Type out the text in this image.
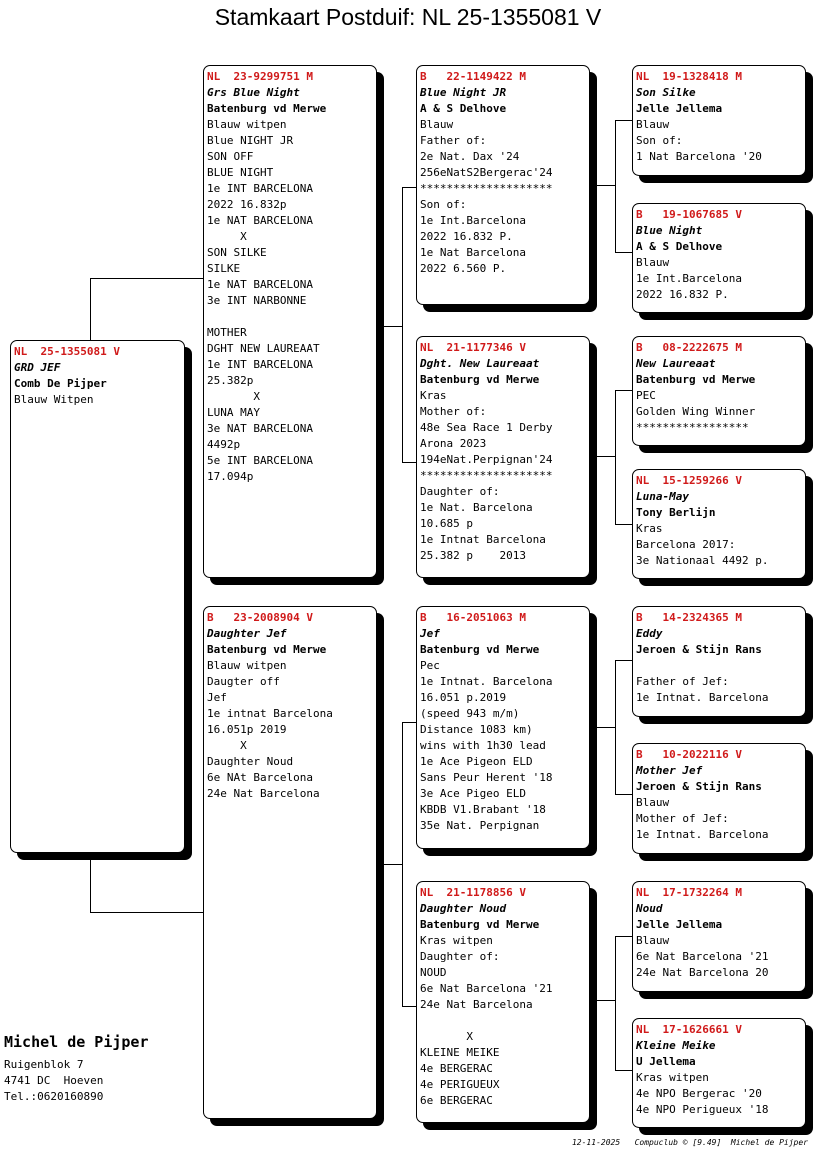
Stamkaart Postduif: NL 25-1355081 V
NL  25-1355081 V
GRD JEF
Comb De Pijper
Blauw Witpen
NL  23-9299751 M
Grs Blue Night
Batenburg vd Merwe
Blauw witpen
Blue NIGHT JR
SON OFF
BLUE NIGHT
1e INT BARCELONA
2022 16.832p
1e NAT BARCELONA
X
SON SILKE
SILKE
1e NAT BARCELONA
3e INT NARBONNE
MOTHER
DGHT NEW LAUREAAT
1e INT BARCELONA
25.382p
X
LUNA MAY
3e NAT BARCELONA
4492p
5e INT BARCELONA
17.094p
B   23-2008904 V
Daughter Jef
Batenburg vd Merwe
Blauw witpen
Daugter off
Jef
1e intnat Barcelona
16.051p 2019
X
Daughter Noud
6e NAt Barcelona
24e Nat Barcelona
B   22-1149422 M
Blue Night JR
A & S Delhove
Blauw
Father of:
2e Nat. Dax '24
256eNatS2Bergerac'24
********************
Son of:
1e Int.Barcelona
2022 16.832 P.
1e Nat Barcelona
2022 6.560 P.
NL  21-1177346 V
Dght. New Laureaat
Batenburg vd Merwe
Kras
Mother of:
48e Sea Race 1 Derby
Arona 2023
194eNat.Perpignan'24
********************
Daughter of:
1e Nat. Barcelona
10.685 p
1e Intnat Barcelona
25.382 p    2013
B   16-2051063 M
Jef
Batenburg vd Merwe
Pec
1e Intnat. Barcelona
16.051 p.2019
(speed 943 m/m)
Distance 1083 km)
wins with 1h30 lead
1e Ace Pigeon ELD
Sans Peur Herent '18
3e Ace Pigeo ELD
KBDB V1.Brabant '18
35e Nat. Perpignan
NL  21-1178856 V
Daughter Noud
Batenburg vd Merwe
Kras witpen
Daughter of:
NOUD
6e Nat Barcelona '21
24e Nat Barcelona
X
KLEINE MEIKE
4e BERGERAC
4e PERIGUEUX
6e BERGERAC
NL  19-1328418 M
Son Silke
Jelle Jellema
Blauw
Son of:
1 Nat Barcelona '20
B   19-1067685 V
Blue Night
A & S Delhove
Blauw
1e Int.Barcelona
2022 16.832 P.
B   08-2222675 M
New Laureaat
Batenburg vd Merwe
PEC
Golden Wing Winner
*****************
NL  15-1259266 V
Luna-May
Tony Berlijn
Kras
Barcelona 2017:
3e Nationaal 4492 p.
B   14-2324365 M
Eddy
Jeroen & Stijn Rans
Father of Jef:
1e Intnat. Barcelona
B   10-2022116 V
Mother Jef
Jeroen & Stijn Rans
Blauw
Mother of Jef:
1e Intnat. Barcelona
NL  17-1732264 M
Noud
Jelle Jellema
Blauw
6e Nat Barcelona '21
24e Nat Barcelona 20
NL  17-1626661 V
Kleine Meike
U Jellema
Kras witpen
4e NPO Bergerac '20
4e NPO Perigueux '18
Michel de Pijper
Ruigenblok 7
4741 DC  Hoeven
Tel.:0620160890
12-11-2025   Compuclub © [9.49]  Michel de Pijper
